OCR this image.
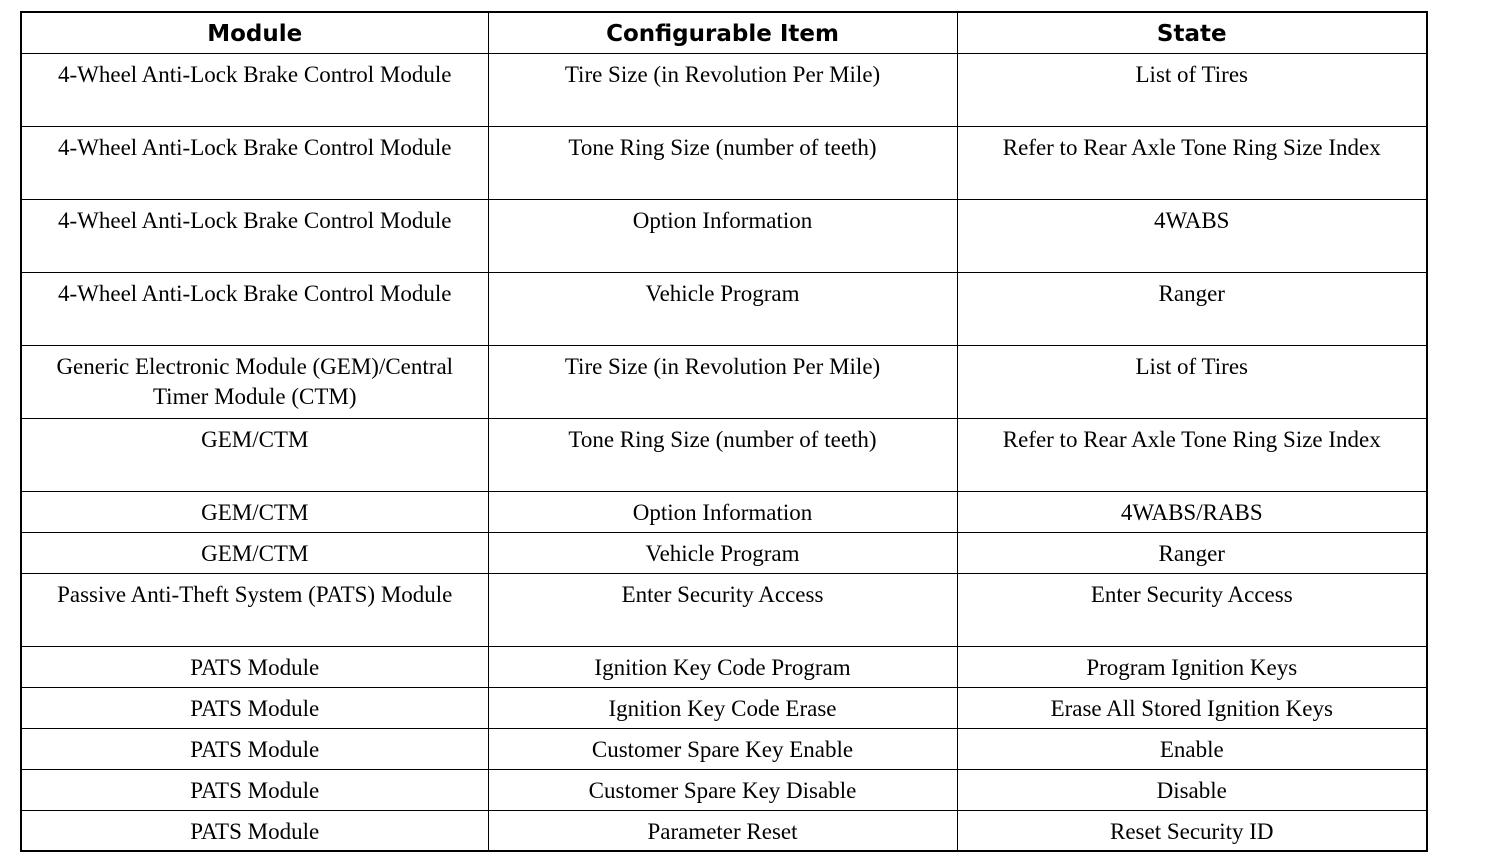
Module	Configurable Item	State
4-Wheel Anti-Lock Brake Control Module	Tire Size (in Revolution Per Mile)	List of Tires
4-Wheel Anti-Lock Brake Control Module	Tone Ring Size (number of teeth)	Refer to Rear Axle Tone Ring Size Index
4-Wheel Anti-Lock Brake Control Module	Option Information	4WABS
4-Wheel Anti-Lock Brake Control Module	Vehicle Program	Ranger
Generic Electronic Module (GEM)/Central Timer Module (CTM)	Tire Size (in Revolution Per Mile)	List of Tires
GEM/CTM	Tone Ring Size (number of teeth)	Refer to Rear Axle Tone Ring Size Index
GEM/CTM	Option Information	4WABS/RABS
GEM/CTM	Vehicle Program	Ranger
Passive Anti-Theft System (PATS) Module	Enter Security Access	Enter Security Access
PATS Module	Ignition Key Code Program	Program Ignition Keys
PATS Module	Ignition Key Code Erase	Erase All Stored Ignition Keys
PATS Module	Customer Spare Key Enable	Enable
PATS Module	Customer Spare Key Disable	Disable
PATS Module	Parameter Reset	Reset Security ID
